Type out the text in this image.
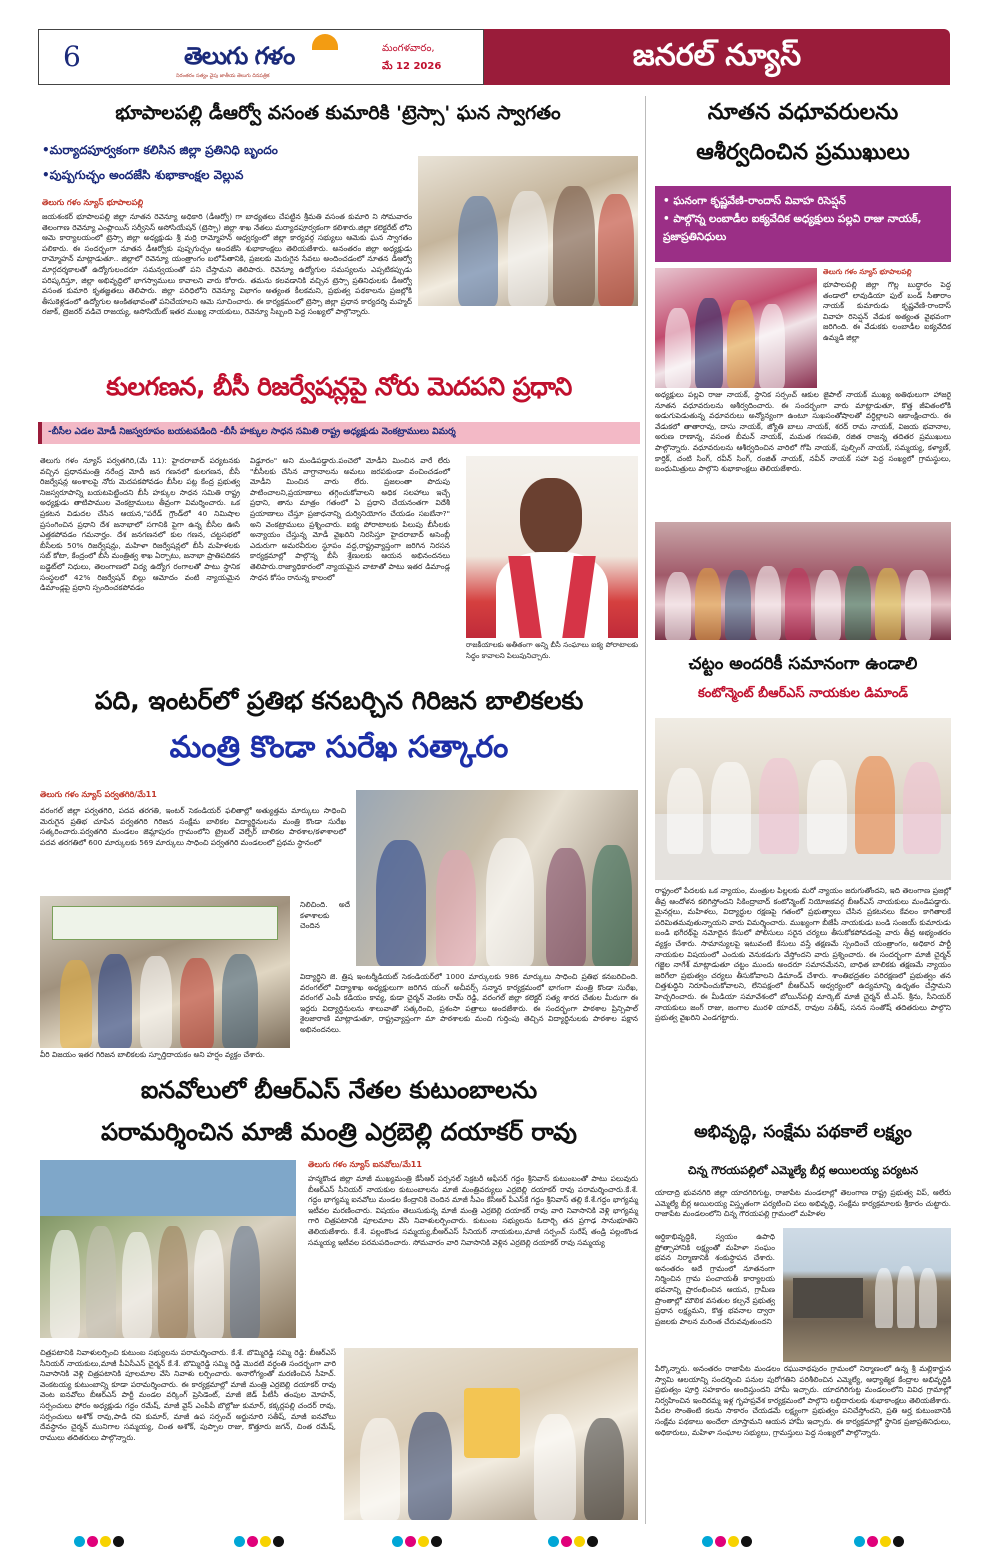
6	తెలుగు గళం
నిరంతరం సత్యం వైపు జాతీయ తెలుగు దినపత్రిక
మంగళవారం,
మే 12 2026	జనరల్ న్యూస్
భూపాలపల్లి డీఆర్వో వసంత కుమారికి 'ట్రెస్సా' ఘన స్వాగతం
•మర్యాదపూర్వకంగా కలిసిన జిల్లా ప్రతినిధి బృందం
•పుష్పగుచ్ఛం అందజేసి శుభాకాంక్షల వెల్లువ
తెలుగు గళం న్యూస్ భూపాలపల్లి
జయశంకర్ భూపాలపల్లి జిల్లా నూతన రెవెన్యూ అధికారి (డీఆర్వో) గా బాధ్యతలు చేపట్టిన శ్రీమతి వసంత కుమారి ని సోమవారం తెలంగాణ రెవెన్యూ ఎంప్లాయిస్ సర్వీసెస్ అసోసియేషన్ (ట్రెస్సా) జిల్లా శాఖ నేతలు మర్యాదపూర్వకంగా కలిశారు.జిల్లా కలెక్టరేట్ లోని ఆమె కార్యాలయంలో ట్రెస్సా జిల్లా అధ్యక్షుడు శ్రీ మర్రి రామ్మోహన్ ఆధ్వర్యంలో జిల్లా కార్యవర్గ సభ్యులు ఆమెకు ఘన స్వాగతం పలికారు. ఈ సందర్భంగా నూతన డీఆర్వోకు పుష్పగుచ్ఛం అందజేసి శుభాకాంక్షలు తెలియజేశారు. అనంతరం జిల్లా అధ్యక్షుడు రామ్మోహన్ మాట్లాడుతూ.. జిల్లాలో రెవెన్యూ యంత్రాంగం బలోపేతానికి, ప్రజలకు మెరుగైన సేవలు అందించడంలో నూతన డీఆర్వో మార్గదర్శకాలతో ఉద్యోగులందరూ సమన్వయంతో పని చేస్తామని తెలిపారు. రెవెన్యూ ఉద్యోగుల సమస్యలను ఎప్పటికప్పుడు పరిష్కరిస్తూ, జిల్లా అభివృద్ధిలో భాగస్వాములు కావాలని వారు కోరారు. తమను కలవడానికి వచ్చిన ట్రెస్సా ప్రతినిధులకు డీఆర్వో వసంత కుమారి కృతజ్ఞతలు తెలిపారు. జిల్లా పరిధిలోని రెవెన్యూ విభాగం అత్యంత కీలకమని, ప్రభుత్వ పథకాలను ప్రజల్లోకి తీసుకెళ్లడంలో ఉద్యోగుల అంకితభావంతో పనిచేయాలని ఆమె సూచించారు. ఈ కార్యక్రమంలో ట్రెస్సా జిల్లా ప్రధాన కార్యదర్శి మహ్మద్ రజాక్, ట్రెజరర్ వడిచె రాజయ్య, అసోసియేట్ ఇతర ముఖ్య నాయకులు, రెవెన్యూ సిబ్బంది పెద్ద సంఖ్యలో పాల్గొన్నారు.
కులగణన, బీసీ రిజర్వేషన్లపై నోరు మెదపని ప్రధాని
-బీసీల ఎడల మోడీ నిజస్వరూపం బయటపడింది -బీసీ హక్కుల సాధన సమితి రాష్ట్ర అధ్యక్షుడు వెంకట్రాములు విమర్శ
తెలుగు గళం న్యూస్ పర్వతగిరి,(మే 11): హైదరాబాద్ పర్యటనకు వచ్చిన ప్రధానమంత్రి నరేంద్ర మోదీ జన గణనలో కులగణన, బీసీ రిజర్వేషన్ల అంశాలపై నోరు మెదపకపోవడం బీసీల పట్ల కేంద్ర ప్రభుత్వ నిజస్వరూపాన్ని బయటపెట్టిందని బీసీ హక్కుల సాధన సమితి రాష్ట్ర అధ్యక్షుడు తాటిపాముల వెంకట్రాములు తీవ్రంగా విమర్శించారు. ఒక ప్రకటన విడుదల చేసిన ఆయన,"పరేడ్ గ్రౌండ్‌లో 40 నిమిషాల ప్రసంగించిన ప్రధాని దేశ జనాభాలో సగానికి పైగా ఉన్న బీసీల ఊసే ఎత్తకపోవడం గమనార్హం. దేశ జనగణనలో కుల గణన, చట్టసభలో బీసీలకు 50% రిజర్వేషన్లు, మహిళా రిజర్వేషన్లలో బీసీ మహిళలకు సబ్ కోటా, కేంద్రంలో బీసీ మంత్రిత్వ శాఖ ఏర్పాటు, జనాభా ప్రాతిపదికన బడ్జెట్‌లో నిధులు, తెలంగాణలో విద్య ఉద్యోగ రంగాలతో పాటు స్థానిక సంస్థలలో 42% రిజర్వేషన్ బిల్లు ఆమోదం వంటి న్యాయమైన డిమాండ్లపై ప్రధాని స్పందించకపోవడం
విడ్డూరం" అని మండిపడ్డారు.పంచెలో మోడీని మించిన వారే లేరు "బీసీలకు చేసిన వాగ్దానాలను అమలు జరపకుండా వంచించడంలో మోడీని మించిన వారు లేరు. ప్రజలంతా పొదుపు పాటించాలని,ప్రయాణాలు తగ్గించుకోవాలని అధిక సలహాలు ఇచ్చే ప్రధాని, తాను మాత్రం గతంలో ఏ ప్రధాని చేయనంతగా విదేశీ ప్రయాణాలు చేస్తూ ప్రజాధనాన్ని దుర్వినియోగం చేయడం సబబేనా?" అని వెంకట్రాములు ప్రశ్నించారు. ఐక్య పోరాటాలకు పిలుపు బీసీలకు అన్యాయం చేస్తున్న మోడీ వైఖరిని నిరసిస్తూ హైదరాబాద్ అసెంబ్లీ ఎదురుగా అమరవీరుల స్థూపం వద్ద,రాష్ట్రవ్యాప్తంగా జరిగిన నిరసన కార్యక్రమాల్లో పాల్గొన్న బీసీ శ్రేణులకు ఆయన అభినందనలు తెలిపారు.రాజ్యాధికారంలో న్యాయమైన వాటాతో పాటు ఇతర డిమాండ్ల సాధన కోసం రానున్న కాలంలో
రాజకీయాలకు అతీతంగా అన్ని బీసీ సంఘాలు ఐక్య పోరాటాలకు సిద్ధం కావాలని పిలుపునిచ్చారు.
పది, ఇంటర్‌లో ప్రతిభ కనబర్చిన గిరిజన బాలికలకు
మంత్రి కొండా సురేఖ సత్కారం
తెలుగు గళం న్యూస్ పర్వతగిరి/మే11
వరంగల్ జిల్లా పర్వతగిరి, పదవ తరగతి, ఇంటర్ సెకండియర్ ఫలితాల్లో అత్యుత్తమ మార్కులు సాధించి మెరుగైన ప్రతిభ చూపిన పర్వతగిరి గిరిజన సంక్షేమ బాలికల విద్యార్థినులను మంత్రి కొండా సురేఖ సత్కరించారు.పర్వతగిరి మండలం జెమ్లాపురం గ్రామంలోని ట్రైబల్ వెల్ఫేర్ బాలికల పాఠశాల/కళాశాలలో పదవ తరగతిలో 600 మార్కులకు 569 మార్కులు సాధించి పర్వతగిరి మండలంలో ప్రథమ స్థానంలో
నిలిచింది. అదే కళాశాలకు చెందిన
విద్యార్థిని జె. త్రిష ఇంటర్మీడియట్ సెకండియర్‌లో 1000 మార్కులకు 986 మార్కులు సాధించి ప్రతిభ కనబరిచింది. వరంగల్‌లో విద్యాశాఖ అధ్యక్షులుగా జరిగిన యంగ్ అచీవర్స్ సన్మాన కార్యక్రమంలో భాగంగా మంత్రి కొండా సురేఖ, వరంగల్ ఎంపీ కడియం కావ్య, కుడా చైర్మన్ వెంకట రామ్ రెడ్డి, వరంగల్ జిల్లా కలెక్టర్ సత్య శారద చేతుల మీదుగా ఈ ఇద్దరు విద్యార్థినులను శాలువాతో సత్కరించి, ప్రశంసా పత్రాలు అందజేశారు. ఈ సందర్భంగా పాఠశాల ప్రిన్సిపాల్ శైలజారాణి మాట్లాడుతూ, రాష్ట్రవ్యాప్తంగా మా పాఠశాలకు మంచి గుర్తింపు తెచ్చిన విద్యార్థినులకు పాఠశాల పక్షాన అభినందనలు.
వీరి విజయం ఇతర గిరిజన బాలికలకు స్ఫూర్తిదాయకం అని హర్షం వ్యక్తం చేశారు.
ఐనవోలులో బీఆర్ఎస్ నేతల కుటుంబాలను
పరామర్శించిన మాజీ మంత్రి ఎర్రబెల్లి దయాకర్ రావు
తెలుగు గళం న్యూస్ ఐనవోలు/మే11
హన్మకొండ జిల్లా మాజీ ముఖ్యమంత్రి కేసీఆర్ పర్సనల్ సెక్రటరీ ఆఫీసర్ గద్దం శ్రీనివాస్ కుటుంబంతో పాటు పలువురు బీఆర్ఎస్ సీనియర్ నాయకుల కుటుంబాలను మాజీ మంత్రివర్యులు ఎర్రబెల్లి దయాకర్ రావు పరామర్శించారు.కే.శే. గద్దం భాగ్యమ్మ ఐనవోలు మండల కేంద్రానికి చెందిన మాజీ సీఎం కేసీఆర్ పీఎస్‌కే గద్దం శ్రీనివాస్ తల్లి కే.శే.గద్దం భాగ్యమ్మ ఇటీవల మరణించారు. విషయం తెలుసుకున్న మాజీ మంత్రి ఎర్రబెల్లి దయాకర్ రావు వారి నివాసానికి వెళ్లి భాగ్యమ్మ గారి చిత్రపటానికి పూలమాల వేసి నివాళులర్పించారు. కుటుంబ సభ్యులను ఓదార్చి తన ప్రగాఢ సానుభూతిని తెలియజేశారు. కే.శే. పల్లంకొండ సమ్మయ్య,బీఆర్ఎస్ సీనియర్ నాయకులు,మాజీ సర్పంచ్ సురేష్ తండ్రి పల్లంకొండ సమ్మయ్య ఇటీవల పరమపదించారు. సోమవారం వారి నివాసానికి వెళ్లిన ఎర్రబెల్లి దయాకర్ రావు సమ్మయ్య
చిత్రపటానికి నివాళులర్పించి కుటుంబ సభ్యులను పరామర్శించారు. కే.శే. బొమ్మిరెడ్డి సమ్మి రెడ్డి: బీఆర్ఎస్ సీనియర్ నాయకులు,మాజీ పీఏసీఎస్ చైర్మన్ కే.శే. బొమ్మిరెడ్డి సమ్మి రెడ్డి మొదటి వర్ధంతి సందర్భంగా వారి నివాసానికి వెళ్లి చిత్రపటానికి పూలమాల వేసి నివాళు లర్పించారు. అనారోగ్యంతో మరణించిన సీహెచ్. వెంకటయ్య కుటుంబాన్ని కూడా పరామర్శించారు. ఈ కార్యక్రమాల్లో మాజీ మంత్రి ఎర్రబెల్లి దయాకర్ రావు వెంట ఐనవోలు బీఆర్ఎస్ పార్టీ మండల వర్కింగ్ ప్రెసిడెంట్, మాజీ జెడ్ పీటీసీ తంపుల మోహన్, సర్పంచులు ఫోరం అధ్యక్షుడు గద్దం రమేష్, మాజీ వైస్ ఎంపీపీ బొల్లోజు కుమార్, కక్కర్లపల్లి చందర్ రావు, సర్పంచులు అశోక్ రావు,పాడి రవి కుమార్, మాజీ ఉప సర్పంచ్ అర్జునూరి సతీష్, మాజీ ఐనవోలు దేవస్థానం చైర్మన్ మునిగాల సమ్మయ్య, చింత అశోక్, పుప్పాల రాజు, కొత్తూరు జగన్, చింత రమేష్, రాములు తదితరులు పాల్గొన్నారు.
నూతన వధూవరులను
ఆశీర్వదించిన ప్రముఖులు
• ఘనంగా కృష్ణవేణి-రాందాస్ వివాహ రిసెప్షన్
• పాల్గొన్న లంబాడీల ఐక్యవేదిక అధ్యక్షులు పల్లవి రాజు నాయక్, ప్రజాప్రతినిధులు
తెలుగు గళం న్యూస్ భూపాలపల్లి
భూపాలపల్లి జిల్లా గొల్ల బుద్ధారం పెద్ద తండాలో లావుడియా ఫుల్ బండ్ సీతారాం నాయక్ కుమారుడు కృష్ణవేణి-రాందాస్ వివాహ రిసెప్షన్ వేడుక అత్యంత వైభవంగా జరిగింది. ఈ వేడుకకు లంబాడీల ఐక్యవేదిక ఉమ్మడి జిల్లా
అధ్యక్షులు పల్లవి రాజు నాయక్, స్థానిక సర్పంచ్ ఆకుల జైపాల్ నాయక్ ముఖ్య అతిథులుగా హాజరై నూతన వధూవరులను ఆశీర్వదించారు. ఈ సందర్భంగా వారు మాట్లాడుతూ, కొత్త జీవితంలోకి అడుగుపెడుతున్న వధూవరులు అన్యోన్యంగా ఉంటూ సుఖసంతోషాలతో వర్ధిల్లాలని ఆకాంక్షించారు. ఈ వేడుకలో తాతారావు, దాసు నాయక్, జ్యోతి బాలు నాయక్, శరద్ రామ నాయక్, విజయ భవానాల, అరుణ రాణాన్న, వసంత బీమన్ నాయక్, మమత గణపతి, రజిత రాజన్న తదితర ప్రముఖులు పాల్గొన్నారు. వధూవరులను ఆశీర్వదించిన వారిలో గోపి నాయక్, పుల్సింగ్ నాయక్, సమ్మయ్య, కళ్యాణ్, కార్తిక్, చంటి సింగ్, రవీన్ సింగ్, రంజిత్ నాయక్, నవీన్ నాయక్ సహా పెద్ద సంఖ్యలో గ్రామస్థులు, బంధుమిత్రులు పాల్గొని శుభాకాంక్షలు తెలియజేశారు.
చట్టం అందరికీ సమానంగా ఉండాలి
కంటోన్మెంట్ బీఆర్ఎస్ నాయకుల డిమాండ్
రాష్ట్రంలో పేదలకు ఒక న్యాయం, మంత్రుల పిల్లలకు మరో న్యాయం జరుగుతోందని, ఇది తెలంగాణ ప్రజల్లో తీవ్ర ఆందోళన కలిగిస్తోందని సికింద్రాబాద్ కంటోన్మెంట్ నియోజకవర్గ బీఆర్ఎస్ నాయకులు మండిపడ్డారు. మైనర్లలు, మహిళలు, విద్యార్థుల రక్షణపై గతంలో ప్రభుత్వాలు చేసిన ప్రకటనలు కేవలం కాగితాలకే పరిమితమవుతున్నాయని వారు విమర్శించారు. ముఖ్యంగా బీజేపీ నాయకుడు బండి సంజయ్ కుమారుడు బండి భగీరథ్‌పై నమోదైన కేసులో పోలీసులు సరైన చర్యలు తీసుకోకపోవడంపై వారు తీవ్ర అభ్యంతరం వ్యక్తం చేశారు. సామాన్యులపై ఇటువంటి కేసులు వస్తే తక్షణమే స్పందించే యంత్రాంగం, అధికార పార్టీ నాయకుల విషయంలో ఎందుకు వెనుకడుగు వేస్తోందని వారు ప్రశ్నించారు. ఈ సందర్భంగా మాజీ చైర్మన్ గజ్జెల నాగేశ్ మాట్లాడుతూ చట్టం ముందు అందరూ సమానమేనని, బాధిత బాలికకు తక్షణమే న్యాయం జరిగేలా ప్రభుత్వం చర్యలు తీసుకోవాలని డిమాండ్ చేశారు. శాంతిభద్రతల పరిరక్షణలో ప్రభుత్వం తన చిత్తశుద్ధిని నిరూపించుకోవాలని, లేనిపక్షంలో బీఆర్ఎస్ ఆధ్వర్యంలో ఉద్యమాన్ని ఉధృతం చేస్తామని హెచ్చరించారు. ఈ మీడియా సమావేశంలో బోయిన్‌పల్లి మార్కెట్ మాజీ చైర్మన్ టీ.ఎస్. శ్రీను, సీనియర్ నాయకులు జంగ్ రాజు, జంగాల మురళి యాదవ్, రావుల సతీష్, సనన సంతోష్ తదితరులు పాల్గొని ప్రభుత్వ వైఖరిని ఎండగట్టారు.
అభివృద్ధి, సంక్షేమ పథకాలే లక్ష్యం
చిన్న గౌరయపల్లిలో ఎమ్మెల్యే బీర్ల అయిలయ్య పర్యటన
యాదాద్రి భువనగిరి జిల్లా యాదగిరిగుట్ట, రాజాపేట మండలాల్లో తెలంగాణ రాష్ట్ర ప్రభుత్వ విప్, ఆలేరు ఎమ్మెల్యే బీర్ల అయిలయ్య విస్తృతంగా పర్యటించి పలు అభివృద్ధి, సంక్షేమ కార్యక్రమాలకు శ్రీకారం చుట్టారు. రాజాపేట మండలంలోని చిన్న గౌరయపల్లి గ్రామంలో మహిళల
ఆర్థికాభివృద్ధికి, స్వయం ఉపాధి ప్రోత్సాహానికి లక్ష్యంతో మహిళా సంఘం భవన నిర్మాణానికి శంకుస్థాపన చేశారు. అనంతరం అదే గ్రామంలో నూతనంగా నిర్మించిన గ్రామ పంచాయతీ కార్యాలయ భవనాన్ని ప్రారంభించిన ఆయన, గ్రామీణ ప్రాంతాల్లో మౌలిక వసతుల కల్పనే ప్రభుత్వ ప్రధాన లక్ష్యమని, కొత్త భవనాల ద్వారా ప్రజలకు పాలన మరింత చేరువవుతుందని
పేర్కొన్నారు. అనంతరం రాజాపేట మండలం రఘునాథపురం గ్రామంలో నిర్మాణంలో ఉన్న శ్రీ మల్లికార్జున స్వామి ఆలయాన్ని సందర్శించి పనుల పురోగతిని పరిశీలించిన ఎమ్మెల్యే, ఆధ్యాత్మిక కేంద్రాల అభివృద్ధికి ప్రభుత్వం పూర్తి సహకారం అందిస్తుందని హామీ ఇచ్చారు. యాదగిరిగుట్ట మండలంలోని వివిధ గ్రామాల్లో నిర్వహించిన ఇందిరమ్మ ఇళ్ల గృహప్రవేశ కార్యక్రమంలో పాల్గొని లబ్ధిదారులకు శుభాకాంక్షలు తెలియజేశారు. పేదల సొంతింటి కలను సాకారం చేయడమే లక్ష్యంగా ప్రభుత్వం పనిచేస్తోందని, ప్రతి అర్హ కుటుంబానికి సంక్షేమ పథకాలు అందేలా చూస్తామని ఆయన హామీ ఇచ్చారు. ఈ కార్యక్రమాల్లో స్థానిక ప్రజాప్రతినిధులు, అధికారులు, మహిళా సంఘాల సభ్యులు, గ్రామస్తులు పెద్ద సంఖ్యలో పాల్గొన్నారు.
